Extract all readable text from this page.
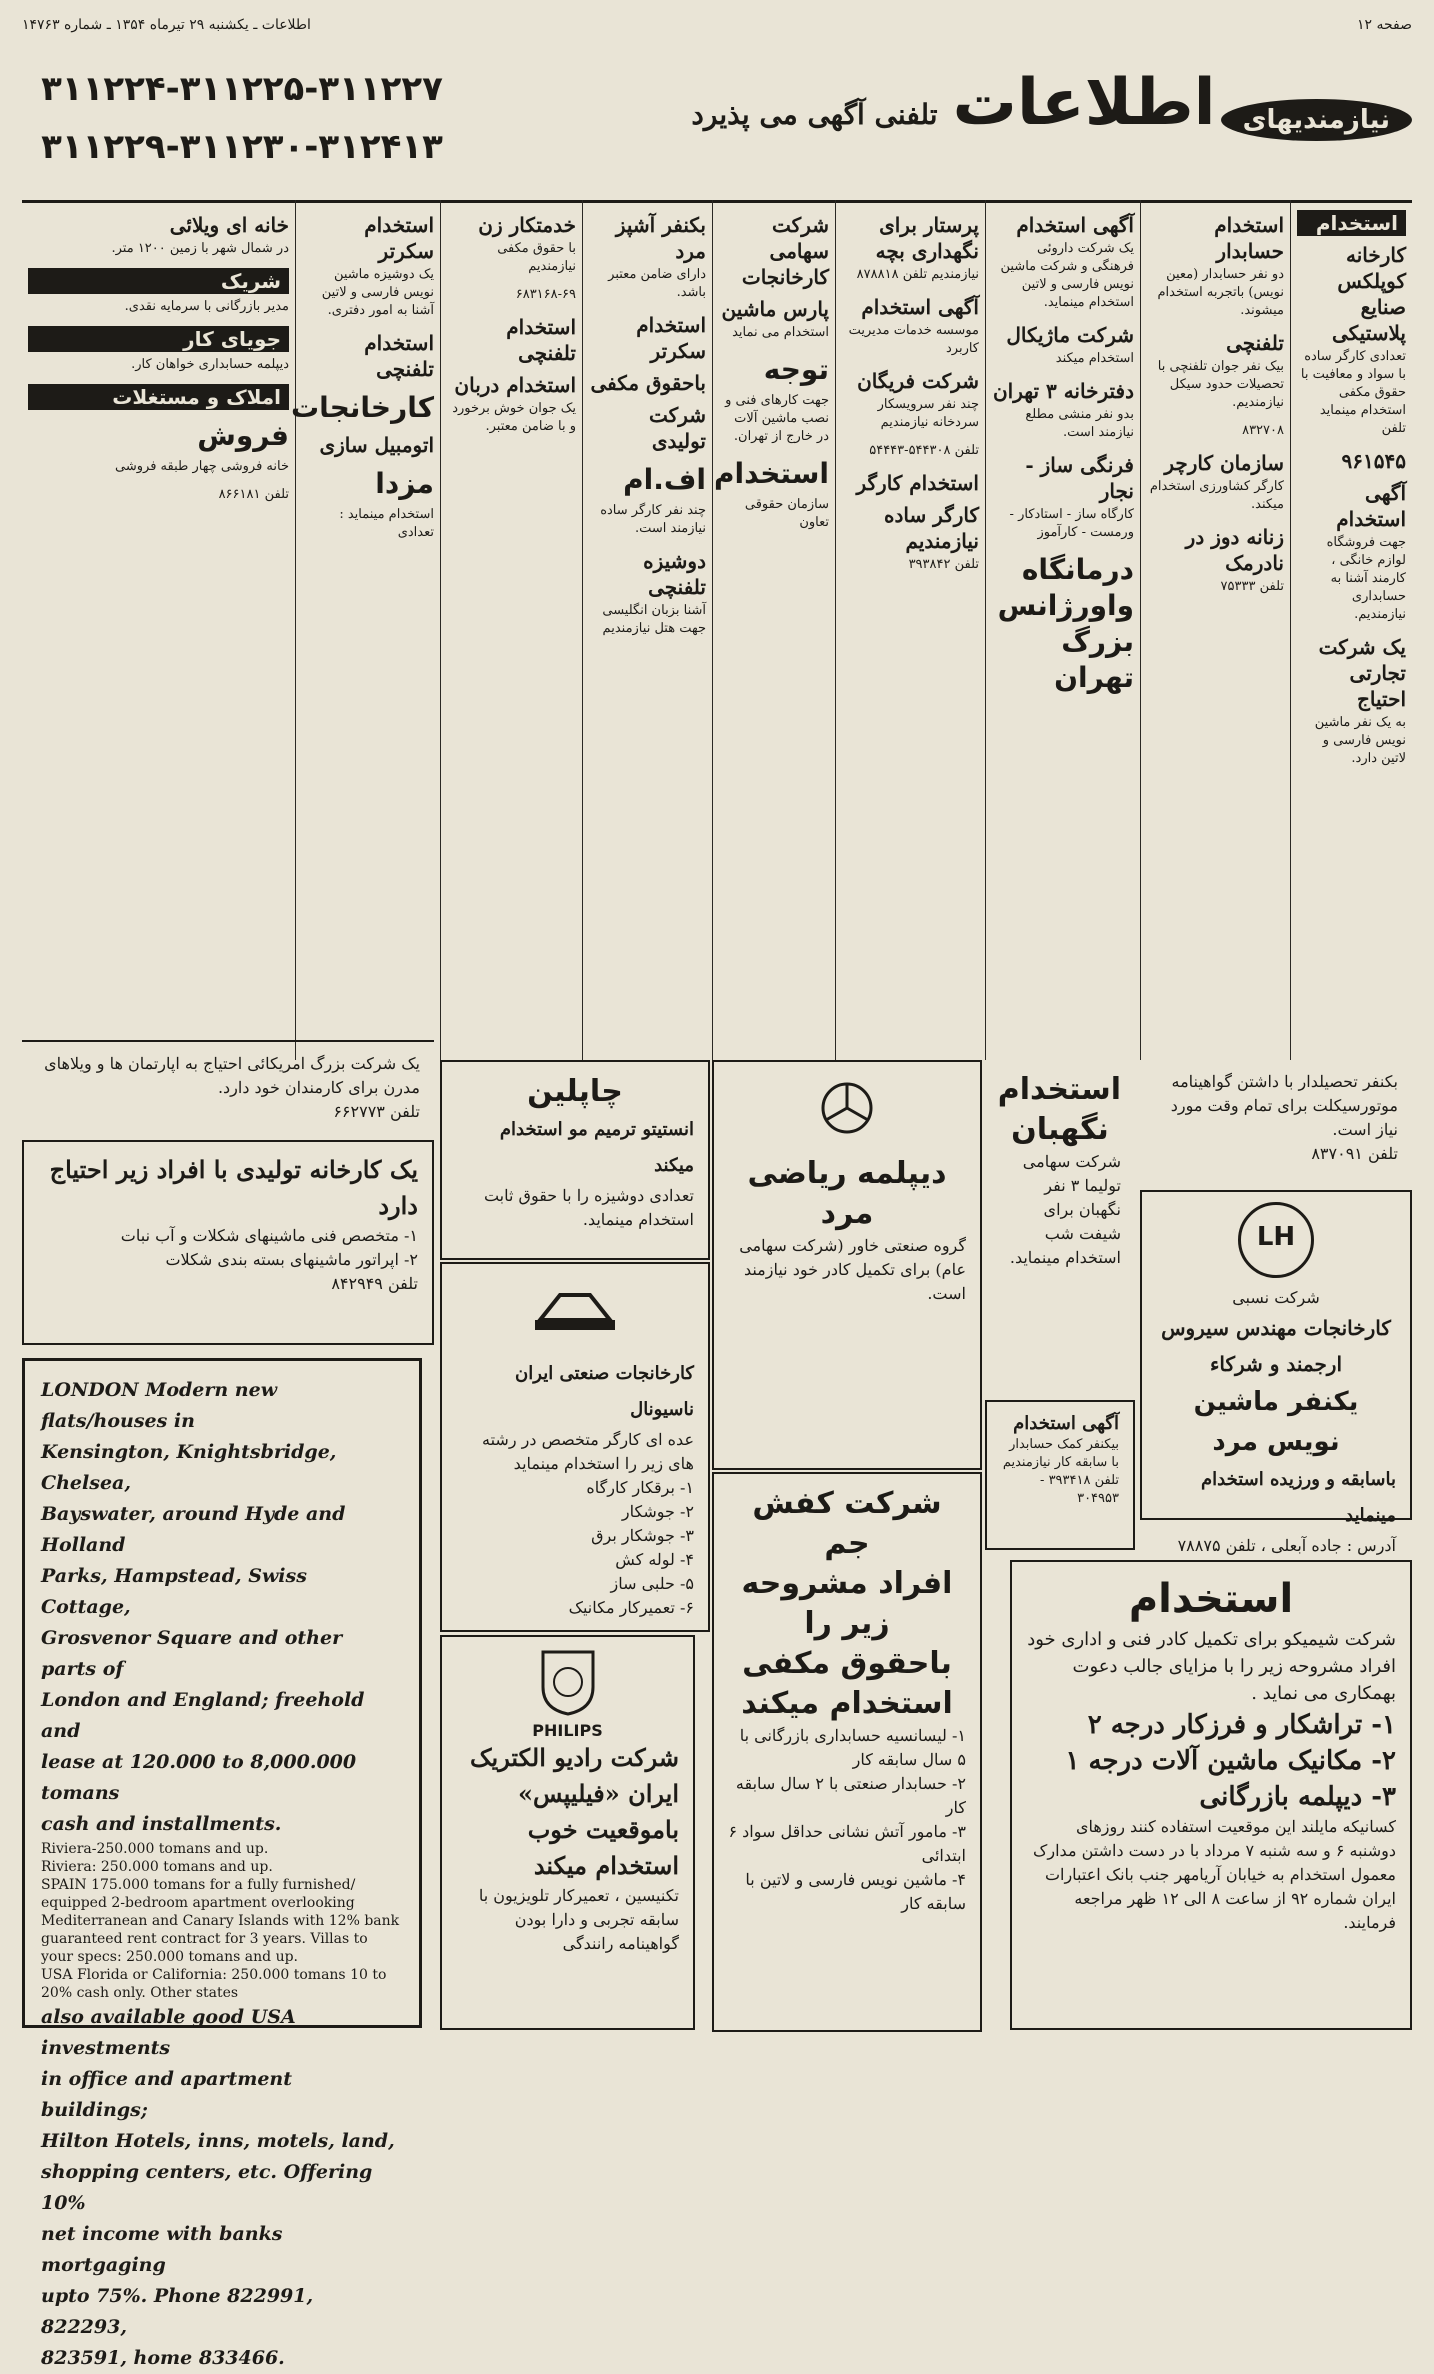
صفحه ۱۲
اطلاعات ـ یکشنبه ۲۹ تیرماه ۱۳۵۴ ـ شماره ۱۴۷۶۳
۳۱۱۲۲۴-۳۱۱۲۲۵-۳۱۱۲۲۷
۳۱۱۲۲۹-۳۱۱۲۳۰-۳۱۲۴۱۳
نیازمندیهای اطلاعات تلفنی آگهی می پذیرد
استخدام
کارخانه کوپلکس صنایع پلاستیکی
تعدادی کارگر ساده با سواد و معافیت با حقوق مکفی استخدام مینماید تلفن
۹۶۱۵۴۵
آگهی استخدام
جهت فروشگاه لوازم خانگی ، کارمند آشنا به حسابداری نیازمندیم.
یک شرکت تجارتی احتیاج
به یک نفر ماشین نویس فارسی و لاتین دارد.
استخدام حسابدار
دو نفر حسابدار (معین نویس) باتجربه استخدام میشوند.
تلفنچی
بیک نفر جوان تلفنچی با تحصیلات حدود سیکل نیازمندیم.
۸۳۲۷۰۸
سازمان کارچر
کارگر کشاورزی استخدام میکند.
زنانه دوز در نادرمک
تلفن ۷۵۳۳۳
آگهی استخدام
یک شرکت داروئی فرهنگی و شرکت ماشین نویس فارسی و لاتین استخدام مینماید.
شرکت ماژیکال
استخدام میکند
دفترخانه ۳ تهران
بدو نفر منشی مطلع نیازمند است.
فرنگی ساز - نجار
کارگاه ساز - استادکار - ورمست - کارآموز
درمانگاه واورژانس بزرگ تهران
پرستار برای نگهداری بچه
نیازمندیم تلفن ۸۷۸۸۱۸
آگهی استخدام
موسسه خدمات مدیریت کاربرد
شرکت فریگان
چند نفر سرویسکار سردخانه نیازمندیم
تلفن ۵۴۴۳۰۸-۵۴۴۴۳
استخدام کارگر
کارگر ساده نیازمندیم
تلفن ۳۹۳۸۴۲
شرکت سهامی کارخانجات
پارس ماشین
استخدام می نماید
توجه
جهت کارهای فنی و نصب ماشین آلات در خارج از تهران.
استخدام
سازمان حقوقی تعاون
بکنفر آشپز مرد
دارای ضامن معتبر باشد.
استخدام سکرتر
باحقوق مکفی
شرکت تولیدی
اف.ام
چند نفر کارگر ساده نیازمند است.
دوشیزه تلفنچی
آشنا بزبان انگلیسی جهت هتل نیازمندیم
خدمتکار زن
با حقوق مکفی نیازمندیم
۶۸۳۱۶۸-۶۹
استخدام تلفنچی
استخدام دربان
یک جوان خوش برخورد و با ضامن معتبر.
استخدام سکرتر
یک دوشیزه ماشین نویس فارسی و لاتین آشنا به امور دفتری.
استخدام تلفنچی
کارخانجات
اتومبیل سازی
مزدا
استخدام مینماید : تعدادی
خانه ای ویلائی
در شمال شهر با زمین ۱۲۰۰ متر.
شریک
مدیر بازرگانی با سرمایه نقدی.
جویای کار
دیپلمه حسابداری خواهان کار.
املاک و مستغلات
فروش
خانه فروشی چهار طبقه فروشی
تلفن ۸۶۶۱۸۱
یک شرکت بزرگ امریکائی احتیاج به اپارتمان ها و ویلاهای مدرن برای کارمندان خود دارد.
تلفن ۶۶۲۷۷۳
یک کارخانه تولیدی با افراد زیر احتیاج دارد
۱- متخصص فنی ماشینهای شکلات و آب نبات
۲- اپراتور ماشینهای بسته بندی شکلات
تلفن ۸۴۲۹۴۹
LONDON Modern new flats/houses in
Kensington, Knightsbridge, Chelsea,
Bayswater, around Hyde and Holland
Parks, Hampstead, Swiss Cottage,
Grosvenor Square and other parts of
London and England; freehold and
lease at 120.000 to 8,000.000 tomans
cash and installments.
Riviera-250.000 tomans and up.
Riviera: 250.000 tomans and up.
SPAIN 175.000 tomans for a fully furnished/ equipped 2-bedroom apartment overlooking Mediterranean and Canary Islands with 12% bank guaranteed rent contract for 3 years. Villas to your specs: 250.000 tomans and up.
USA Florida or California: 250.000 tomans 10 to 20% cash only. Other states
also available good USA investments
in office and apartment buildings;
Hilton Hotels, inns, motels, land,
shopping centers, etc. Offering 10%
net income with banks mortgaging
upto 75%. Phone 822991, 822293,
823591, home 833466.
چاپلین
انستیتو ترمیم مو استخدام میکند
تعدادی دوشیزه را با حقوق ثابت استخدام مینماید.
کارخانجات صنعتی ایران ناسیونال
عده ای کارگر متخصص در رشته های زیر را استخدام مینماید
۱- برقکار کارگاه
۲- جوشکار
۳- جوشکار برق
۴- لوله کش
۵- حلبی ساز
۶- تعمیرکار مکانیک
PHILIPS
شرکت رادیو الکتریک
ایران «فیلیپس»
باموقعیت خوب
استخدام میکند
تکنیسین ، تعمیرکار تلویزیون با سابقه تجربی و دارا بودن گواهینامه رانندگی
دیپلمه ریاضی مرد
گروه صنعتی خاور (شرکت سهامی عام) برای تکمیل کادر خود نیازمند است.
شرکت کفش جم
افراد مشروحه زیر را
باحقوق مکفی
استخدام میکند
۱- لیسانسیه حسابداری بازرگانی با ۵ سال سابقه کار
۲- حسابدار صنعتی با ۲ سال سابقه کار
۳- مامور آتش نشانی حداقل سواد ۶ ابتدائی
۴- ماشین نویس فارسی و لاتین با سابقه کار
استخدام نگهبان
شرکت سهامی تولیما ۳ نفر نگهبان برای شیفت شب استخدام مینماید.
بکنفر تحصیلدار با داشتن گواهینامه موتورسیکلت برای تمام وقت مورد نیاز است.
تلفن ۸۳۷۰۹۱
LH
شرکت نسبی
کارخانجات مهندس سیروس ارجمند و شرکاء
یکنفر ماشین نویس مرد
باسابقه و ورزیده استخدام مینماید
آدرس : جاده آبعلی ، تلفن ۷۸۸۷۵
استخدام
شرکت شیمیکو برای تکمیل کادر فنی و اداری خود افراد مشروحه زیر را با مزایای جالب دعوت بهمکاری می نماید .
۱- تراشکار و فرزکار درجه ۲
۲- مکانیک ماشین آلات درجه ۱
۳- دیپلمه بازرگانی
کسانیکه مایلند این موقعیت استفاده کنند روزهای دوشنبه ۶ و سه شنبه ۷ مرداد با در دست داشتن مدارک معمول استخدام به خیابان آریامهر جنب بانک اعتبارات ایران شماره ۹۲ از ساعت ۸ الی ۱۲ ظهر مراجعه فرمایند.
آگهی استخدام
بیکنفر کمک حسابدار با سابقه کار نیازمندیم
تلفن ۳۹۳۴۱۸ - ۳۰۴۹۵۳
